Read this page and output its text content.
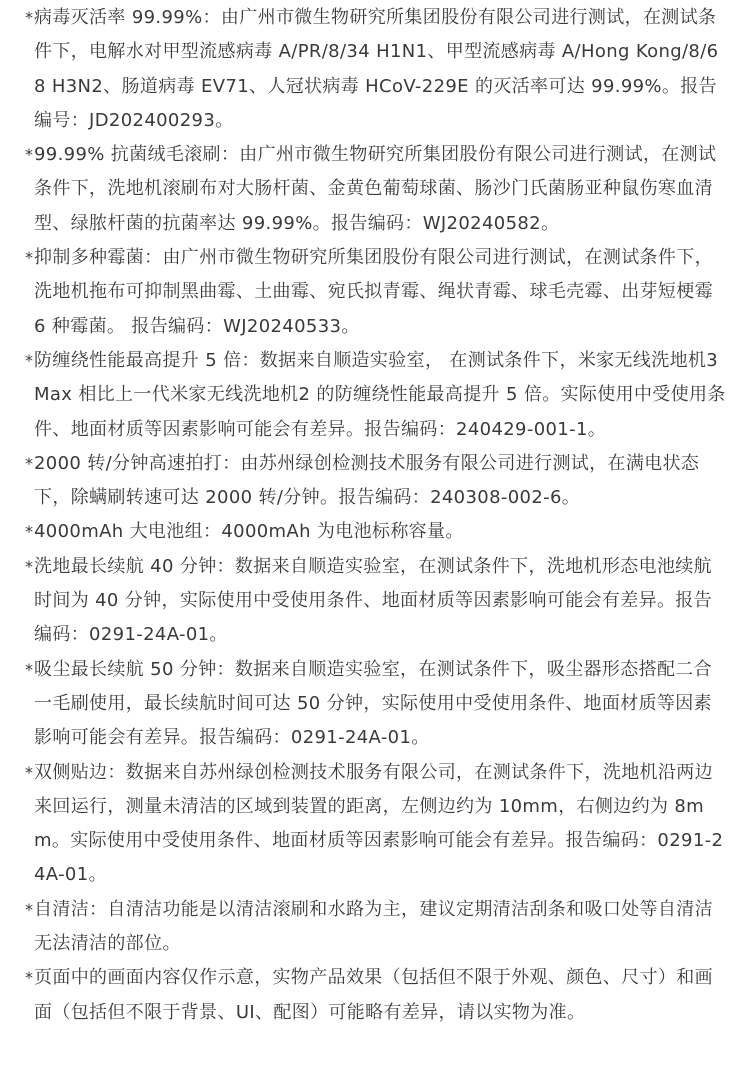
* 病毒灭活率 99.99%：由广州市微生物研究所集团股份有限公司进行测试，在测试条件下，电解水对甲型流感病毒 A/PR/8/34 H1N1、甲型流感病毒 A/Hong Kong/8/68 H3N2、肠道病毒 EV71、人冠状病毒 HCoV-229E 的灭活率可达 99.99%。报告编号：JD202400293。
* 99.99% 抗菌绒毛滚刷：由广州市微生物研究所集团股份有限公司进行测试，在测试条件下，洗地机滚刷布对大肠杆菌、金黄色葡萄球菌、肠沙门氏菌肠亚种鼠伤寒血清型、绿脓杆菌的抗菌率达 99.99%。报告编码：WJ20240582。
* 抑制多种霉菌：由广州市微生物研究所集团股份有限公司进行测试，在测试条件下，洗地机拖布可抑制黑曲霉、土曲霉、宛氏拟青霉、绳状青霉、球毛壳霉、出芽短梗霉 6 种霉菌。 报告编码：WJ20240533。
* 防缠绕性能最高提升 5 倍：数据来自顺造实验室， 在测试条件下，米家无线洗地机3 Max 相比上一代米家无线洗地机2 的防缠绕性能最高提升 5 倍。实际使用中受使用条件、地面材质等因素影响可能会有差异。报告编码：240429-001-1。
* 2000 转/分钟高速拍打：由苏州绿创检测技术服务有限公司进行测试，在满电状态下，除螨刷转速可达 2000 转/分钟。报告编码：240308-002-6。
* 4000mAh 大电池组：4000mAh 为电池标称容量。
* 洗地最长续航 40 分钟：数据来自顺造实验室，在测试条件下，洗地机形态电池续航时间为 40 分钟，实际使用中受使用条件、地面材质等因素影响可能会有差异。报告编码：0291-24A-01。
* 吸尘最长续航 50 分钟：数据来自顺造实验室，在测试条件下，吸尘器形态搭配二合一毛刷使用，最长续航时间可达 50 分钟，实际使用中受使用条件、地面材质等因素影响可能会有差异。报告编码：0291-24A-01。
* 双侧贴边：数据来自苏州绿创检测技术服务有限公司，在测试条件下，洗地机沿两边来回运行，测量未清洁的区域到装置的距离，左侧边约为 10mm，右侧边约为 8mm。实际使用中受使用条件、地面材质等因素影响可能会有差异。报告编码：0291-24A-01。
* 自清洁：自清洁功能是以清洁滚刷和水路为主，建议定期清洁刮条和吸口处等自清洁无法清洁的部位。
* 页面中的画面内容仅作示意，实物产品效果（包括但不限于外观、颜色、尺寸）和画面（包括但不限于背景、UI、配图）可能略有差异，请以实物为准。
